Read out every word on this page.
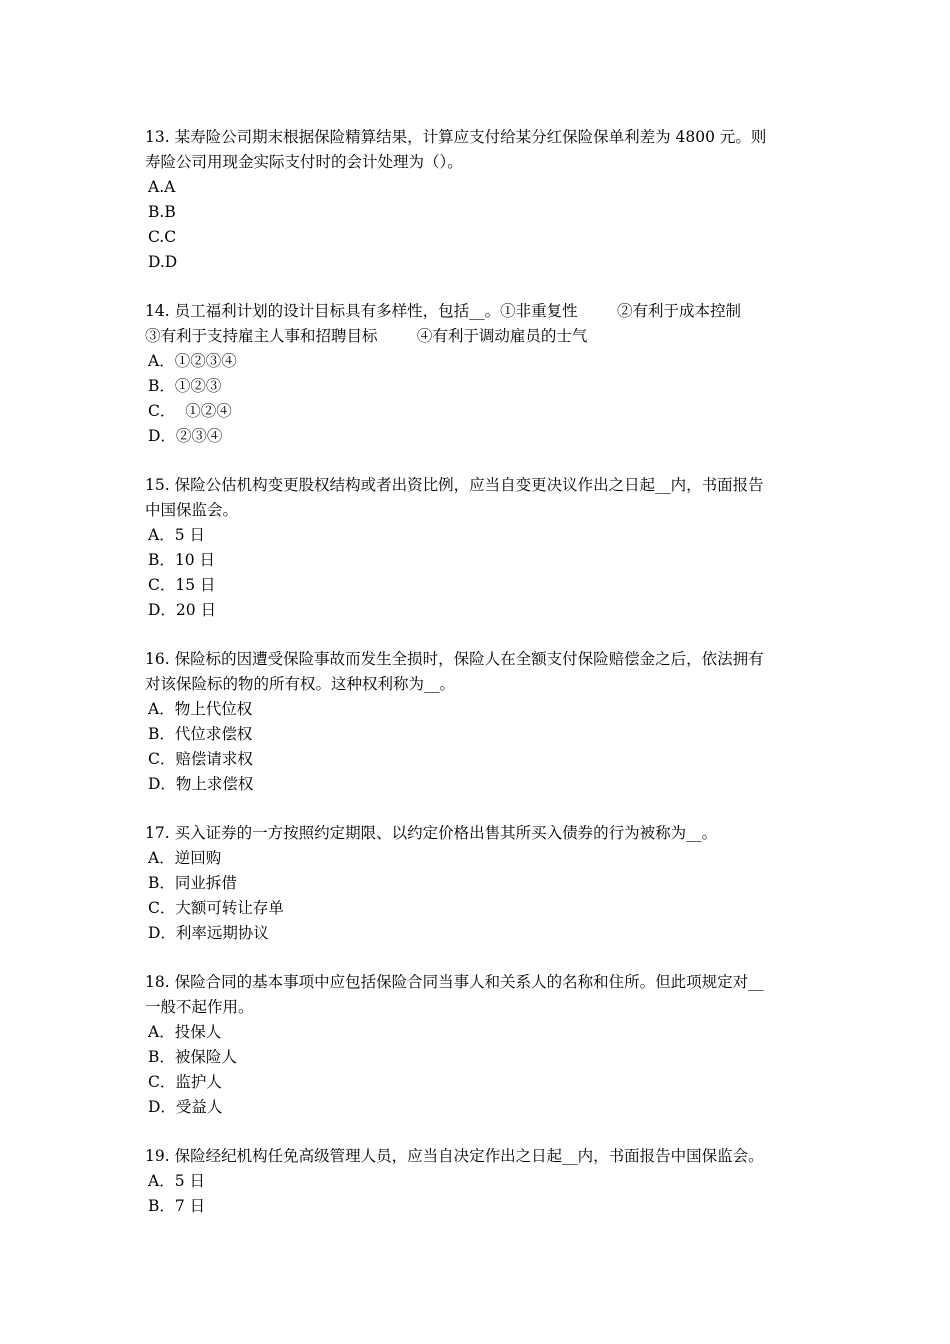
13. 某寿险公司期末根据保险精算结果，计算应支付给某分红保险保单利差为 4800 元。则
寿险公司用现金实际支付时的会计处理为（）。
A.A
B.B
C.C
D.D
14. 员工福利计划的设计目标具有多样性，包括__。①非重复性        ②有利于成本控制
③有利于支持雇主人事和招聘目标        ④有利于调动雇员的士气
A．①②③④
B．①②③
C．  ①②④
D．②③④
15. 保险公估机构变更股权结构或者出资比例，应当自变更决议作出之日起__内，书面报告
中国保监会。
A．5 日
B．10 日
C．15 日
D．20 日
16. 保险标的因遭受保险事故而发生全损时，保险人在全额支付保险赔偿金之后，依法拥有
对该保险标的物的所有权。这种权利称为__。
A．物上代位权
B．代位求偿权
C．赔偿请求权
D．物上求偿权
17. 买入证券的一方按照约定期限、以约定价格出售其所买入债券的行为被称为__。
A．逆回购
B．同业拆借
C．大额可转让存单
D．利率远期协议
18. 保险合同的基本事项中应包括保险合同当事人和关系人的名称和住所。但此项规定对__
一般不起作用。
A．投保人
B．被保险人
C．监护人
D．受益人
19. 保险经纪机构任免高级管理人员，应当自决定作出之日起__内，书面报告中国保监会。
A．5 日
B．7 日
